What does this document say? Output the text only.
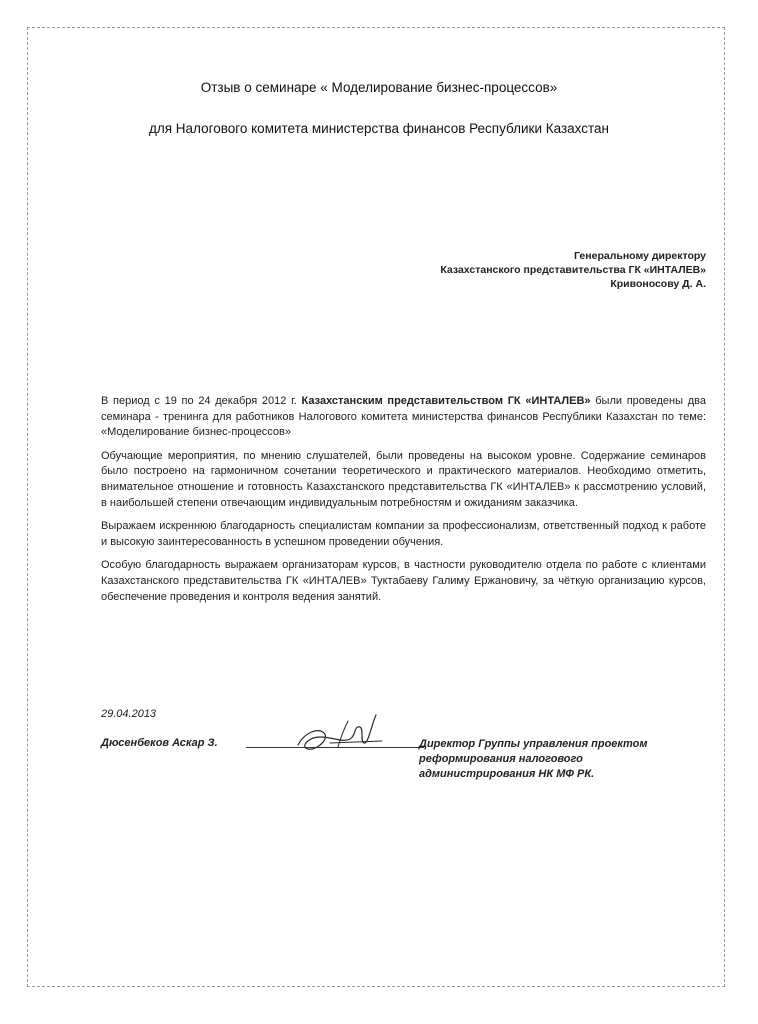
Отзыв о семинаре « Моделирование бизнес-процессов»
для Налогового комитета министерства финансов Республики Казахстан
Генеральному директору
Казахстанского представительства ГК «ИНТАЛЕВ»
Кривоносову Д. А.

В период с 19 по 24 декабря 2012 г. Казахстанским представительством ГК «ИНТАЛЕВ» были проведены два семинара - тренинга для работников Налогового комитета министерства финансов Республики Казахстан по теме: «Моделирование бизнес-процессов»

Обучающие мероприятия, по мнению слушателей, были проведены на высоком уровне. Содержание семинаров было построено на гармоничном сочетании теоретического и практического материалов. Необходимо отметить, внимательное отношение и готовность Казахстанского представительства ГК «ИНТАЛЕВ» к рассмотрению условий, в наибольшей степени отвечающим индивидуальным потребностям и ожиданиям заказчика.

Выражаем искреннюю благодарность специалистам компании за профессионализм, ответственный подход к работе и высокую заинтересованность в успешном проведении обучения.

Особую благодарность выражаем организаторам курсов, в частности руководителю отдела по работе с клиентами Казахстанского представительства ГК «ИНТАЛЕВ» Туктабаеву Галиму Ержановичу, за чёткую организацию курсов, обеспечение проведения и контроля ведения занятий.

29.04.2013
Дюсенбеков Аскар З.	Директор Группы управления проектом
реформирования налогового
администрирования НК МФ РК.
